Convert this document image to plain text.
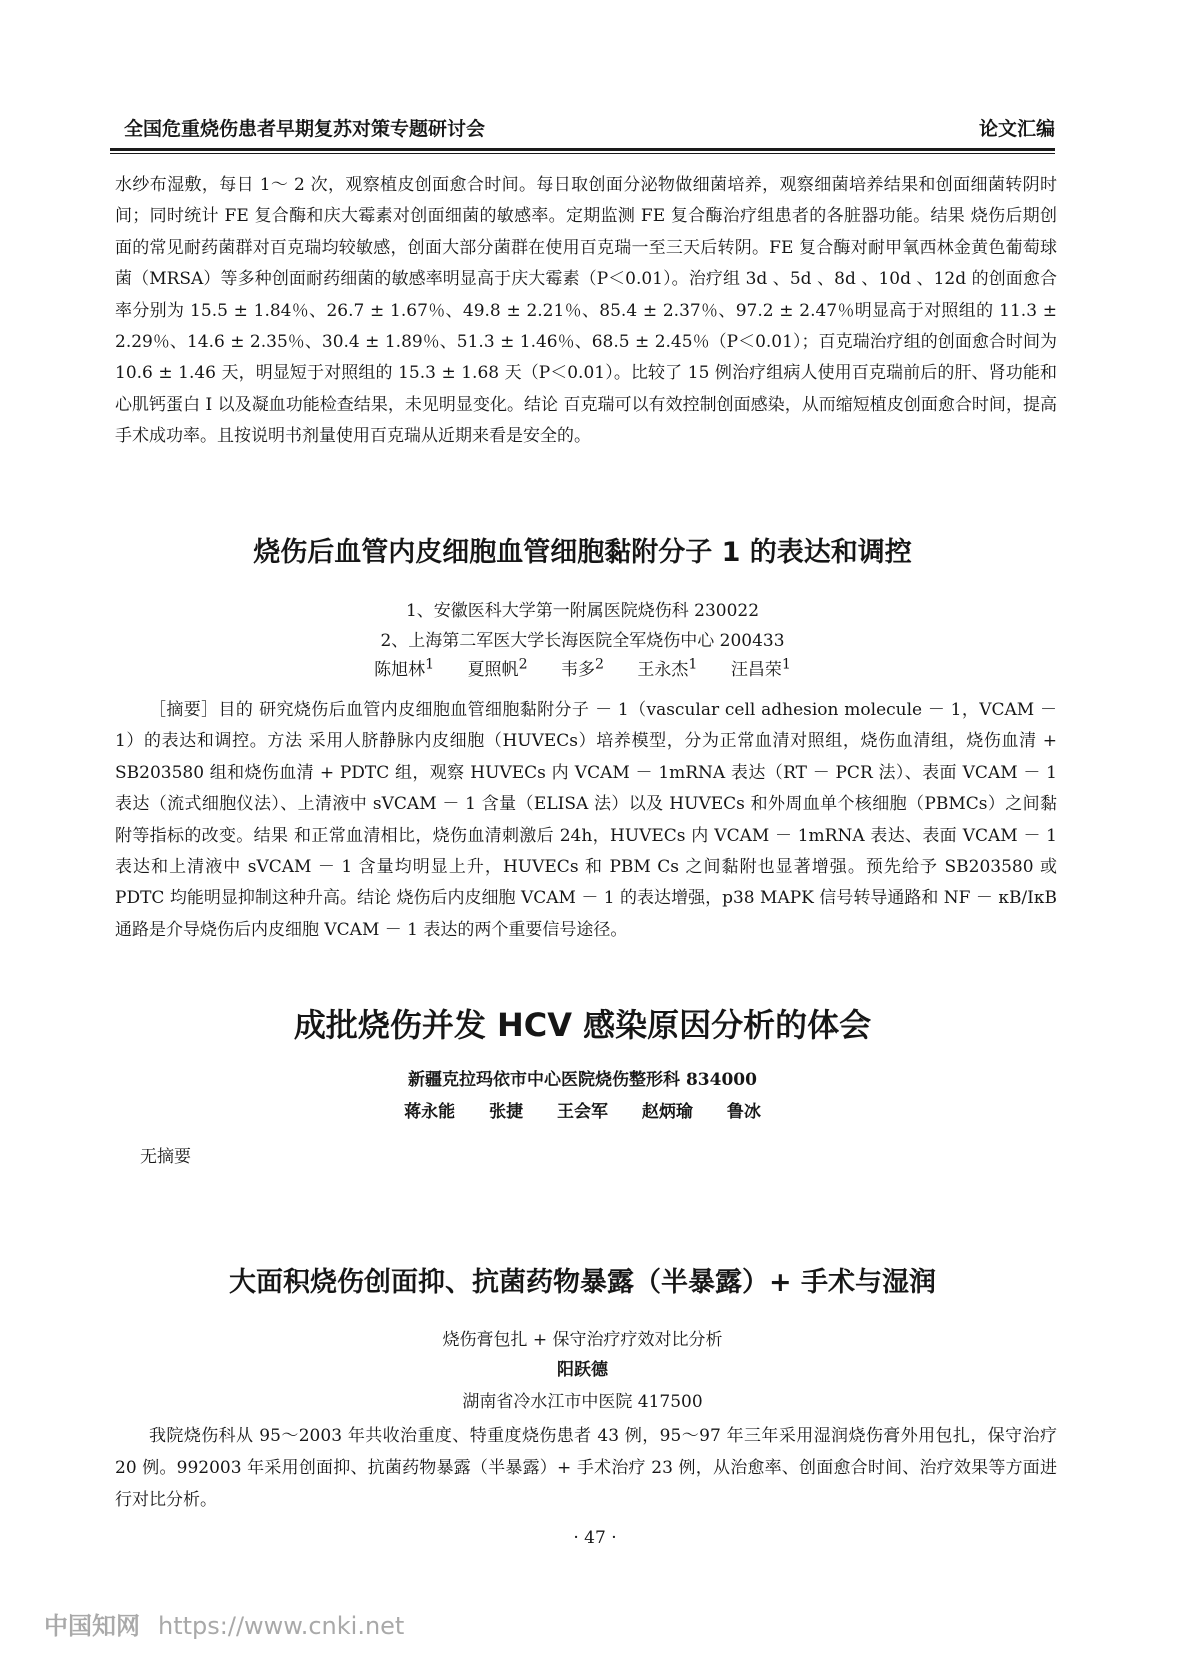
全国危重烧伤患者早期复苏对策专题研讨会	论文汇编

水纱布湿敷，每日 1～ 2 次，观察植皮创面愈合时间。每日取创面分泌物做细菌培养，观察细菌培养结果和创面细菌转阴时间；同时统计 FE 复合酶和庆大霉素对创面细菌的敏感率。定期监测 FE 复合酶治疗组患者的各脏器功能。结果 烧伤后期创面的常见耐药菌群对百克瑞均较敏感，创面大部分菌群在使用百克瑞一至三天后转阴。FE 复合酶对耐甲氧西林金黄色葡萄球菌（MRSA）等多种创面耐药细菌的敏感率明显高于庆大霉素（P＜0.01）。治疗组 3d 、5d 、8d 、10d 、12d 的创面愈合率分别为 15.5 ± 1.84％、26.7 ± 1.67％、49.8 ± 2.21％、85.4 ± 2.37％、97.2 ± 2.47％明显高于对照组的 11.3 ± 2.29％、14.6 ± 2.35％、30.4 ± 1.89％、51.3 ± 1.46％、68.5 ± 2.45％（P＜0.01）；百克瑞治疗组的创面愈合时间为 10.6 ± 1.46 天，明显短于对照组的 15.3 ± 1.68 天（P＜0.01）。比较了 15 例治疗组病人使用百克瑞前后的肝、肾功能和心肌钙蛋白 I 以及凝血功能检查结果，未见明显变化。结论 百克瑞可以有效控制创面感染，从而缩短植皮创面愈合时间，提高手术成功率。且按说明书剂量使用百克瑞从近期来看是安全的。

烧伤后血管内皮细胞血管细胞黏附分子 1 的表达和调控

1、安徽医科大学第一附属医院烧伤科 230022

2、上海第二军医大学长海医院全军烧伤中心 200433

陈旭林$^1$ 夏照帆$^2$ 韦多$^2$ 王永杰$^1$ 汪昌荣$^1$

［摘要］目的 研究烧伤后血管内皮细胞血管细胞黏附分子 － 1（vascular cell adhesion molecule － 1，VCAM － 1）的表达和调控。方法 采用人脐静脉内皮细胞（HUVECs）培养模型，分为正常血清对照组，烧伤血清组，烧伤血清 + SB203580 组和烧伤血清 + PDTC 组，观察 HUVECs 内 VCAM － 1mRNA 表达（RT － PCR 法）、表面 VCAM － 1 表达（流式细胞仪法）、上清液中 sVCAM － 1 含量（ELISA 法）以及 HUVECs 和外周血单个核细胞（PBMCs）之间黏附等指标的改变。结果 和正常血清相比，烧伤血清刺激后 24h，HUVECs 内 VCAM － 1mRNA 表达、表面 VCAM － 1 表达和上清液中 sVCAM － 1 含量均明显上升，HUVECs 和 PBM Cs 之间黏附也显著增强。预先给予 SB203580 或 PDTC 均能明显抑制这种升高。结论 烧伤后内皮细胞 VCAM － 1 的表达增强，p38 MAPK 信号转导通路和 NF － κB/IκB 通路是介导烧伤后内皮细胞 VCAM － 1 表达的两个重要信号途径。

成批烧伤并发 HCV 感染原因分析的体会

新疆克拉玛依市中心医院烧伤整形科 834000

蒋永能 张捷 王会军 赵炳瑜 鲁冰

无摘要

大面积烧伤创面抑、抗菌药物暴露（半暴露）+ 手术与湿润

烧伤膏包扎 + 保守治疗疗效对比分析

阳跃德

湖南省冷水江市中医院 417500

我院烧伤科从 95～2003 年共收治重度、特重度烧伤患者 43 例，95～97 年三年采用湿润烧伤膏外用包扎，保守治疗 20 例。992003 年采用创面抑、抗菌药物暴露（半暴露）+ 手术治疗 23 例，从治愈率、创面愈合时间、治疗效果等方面进行对比分析。

· 47 ·
中国知网 https://www.cnki.net
